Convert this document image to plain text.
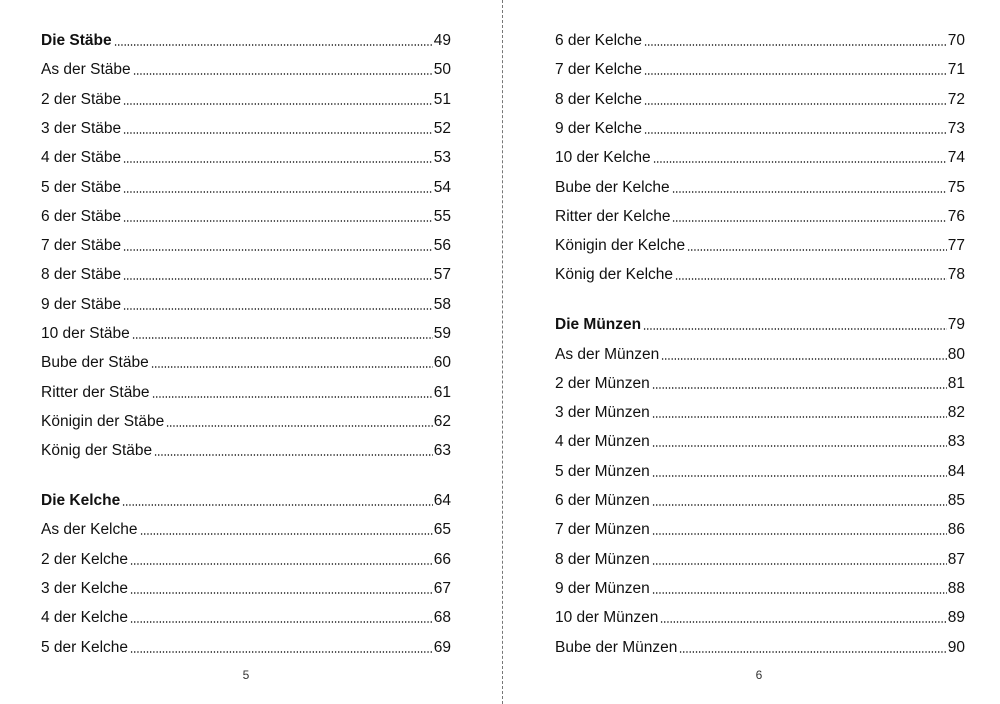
Die Stäbe	49
As der Stäbe	50
2 der Stäbe	51
3 der Stäbe	52
4 der Stäbe	53
5 der Stäbe	54
6 der Stäbe	55
7 der Stäbe	56
8 der Stäbe	57
9 der Stäbe	58
10 der Stäbe	59
Bube der Stäbe	60
Ritter der Stäbe	61
Königin der Stäbe	62
König der Stäbe	63
Die Kelche	64
As der Kelche	65
2 der Kelche	66
3 der Kelche	67
4 der Kelche	68
5 der Kelche	69
5
6 der Kelche	70
7 der Kelche	71
8 der Kelche	72
9 der Kelche	73
10 der Kelche	74
Bube der Kelche	75
Ritter der Kelche	76
Königin der Kelche	77
König der Kelche	78
Die Münzen	79
As der Münzen	80
2 der Münzen	81
3 der Münzen	82
4 der Münzen	83
5 der Münzen	84
6 der Münzen	85
7 der Münzen	86
8 der Münzen	87
9 der Münzen	88
10 der Münzen	89
Bube der Münzen	90
6
